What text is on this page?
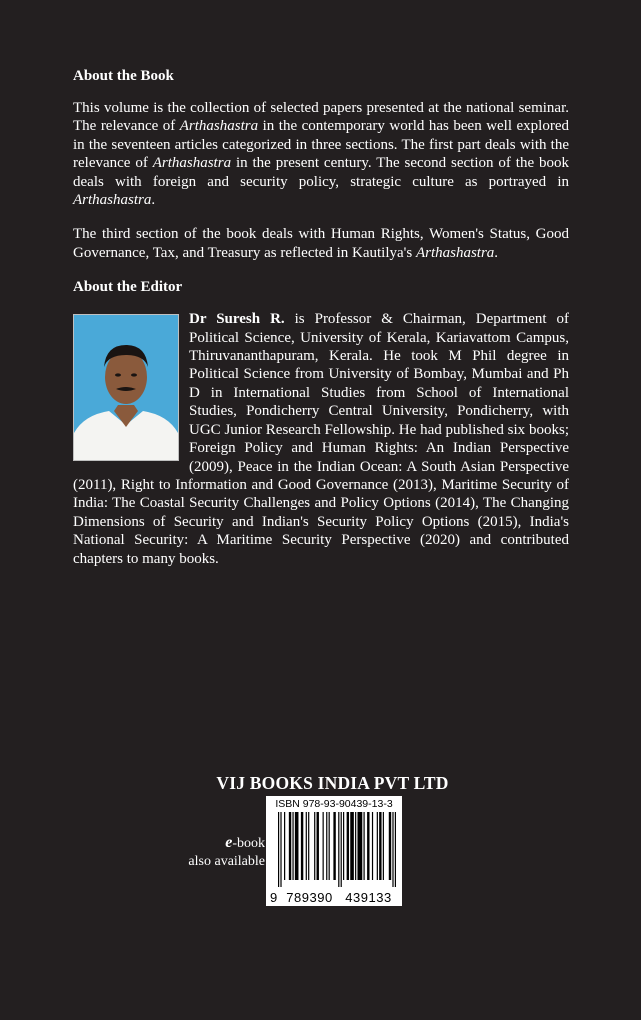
About the Book

This volume is the collection of selected papers presented at the national seminar. The relevance of Arthashastra in the contemporary world has been well explored in the seventeen articles categorized in three sections. The first part deals with the relevance of Arthashastra in the present century. The second section of the book deals with foreign and security policy, strategic culture as portrayed in Arthashastra.

The third section of the book deals with Human Rights, Women's Status, Good Governance, Tax, and Treasury as reflected in Kautilya's Arthashastra.

About the Editor

Dr Suresh R. is Professor & Chairman, Department of Political Science, University of Kerala, Kariavattom Campus, Thiruvananthapuram, Kerala. He took M Phil degree in Political Science from University of Bombay, Mumbai and Ph D in International Studies from School of International Studies, Pondicherry Central University, Pondicherry, with UGC Junior Research Fellowship. He had published six books; Foreign Policy and Human Rights: An Indian Perspective (2009), Peace in the Indian Ocean: A South Asian Perspective (2011), Right to Information and Good Governance (2013), Maritime Security of India: The Coastal Security Challenges and Policy Options (2014), The Changing Dimensions of Security and Indian's Security Policy Options (2015), India's National Security: A Maritime Security Perspective (2020) and contributed chapters to many books.

VIJ BOOKS INDIA PVT LTD
e-book
also available
ISBN 978-93-90439-13-3
9 789390 439133
